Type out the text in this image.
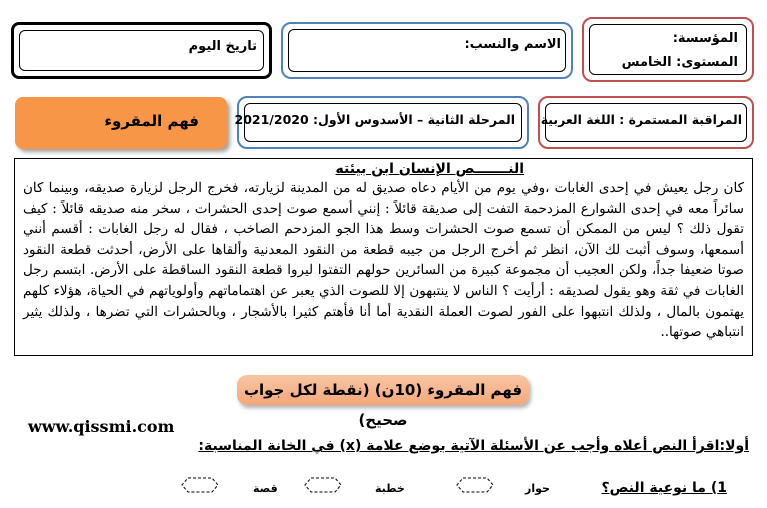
المؤسسة:
المستوى: الخامس
الاسم والنسب:
تاريخ اليوم
المراقبة المستمرة : اللغة العربية
المرحلة الثانية – الأسدوس الأول: 2021/2020
فهم المقروء
النـــــــص الإنسان ابن بيئته

كان رجل يعيش في إحدى الغابات ،وفي يوم من الأيام دعاه صديق له من المدينة لزيارته، فخرج الرجل لزيارة صديقه، وبينما كان سائراً معه في إحدى الشوارع المزدحمة التفت إلى صديقة قائلاً : إنني أسمع صوت إحدى الحشرات ، سخر منه صديقه قائلاً : كيف تقول ذلك ؟ ليس من الممكن أن تسمع صوت الحشرات وسط هذا الجو المزدحم الصاخب ، فقال له رجل الغابات : أقسم أنني أسمعها، وسوف أثبت لك الآن، انظر ثم أخرج الرجل من جيبه قطعة من النقود المعدنية وألقاها على الأرض، أحدثت قطعة النقود صوتا ضعيفا جداً، ولكن العجيب أن مجموعة كبيرة من السائرين حولهم التفتوا ليروا قطعة النقود الساقطة على الأرض. ابتسم رجل الغابات في ثقة وهو يقول لصديقه : أرأيت ؟ الناس لا ينتبهون إلا للصوت الذي يعبر عن اهتماماتهم وأولوياتهم في الحياة، هؤلاء كلهم يهتمون بالمال ، ولذلك انتبهوا على الفور لصوت العملة النقدية أما أنا فأهتم كثيرا بالأشجار ، وبالحشرات التي تضرها ، ولذلك يثير انتباهي صوتها..

فهم المقروء (10ن) (نقطة لكل جواب صحيح)
www.qissmi.com
أولا:اقرأ النص أعلاه وأجب عن الأسئلة الآتية بوضع علامة (x) في الخانة المناسبة:
1) ما نوعية النص؟
حوار
خطبة
قصة
